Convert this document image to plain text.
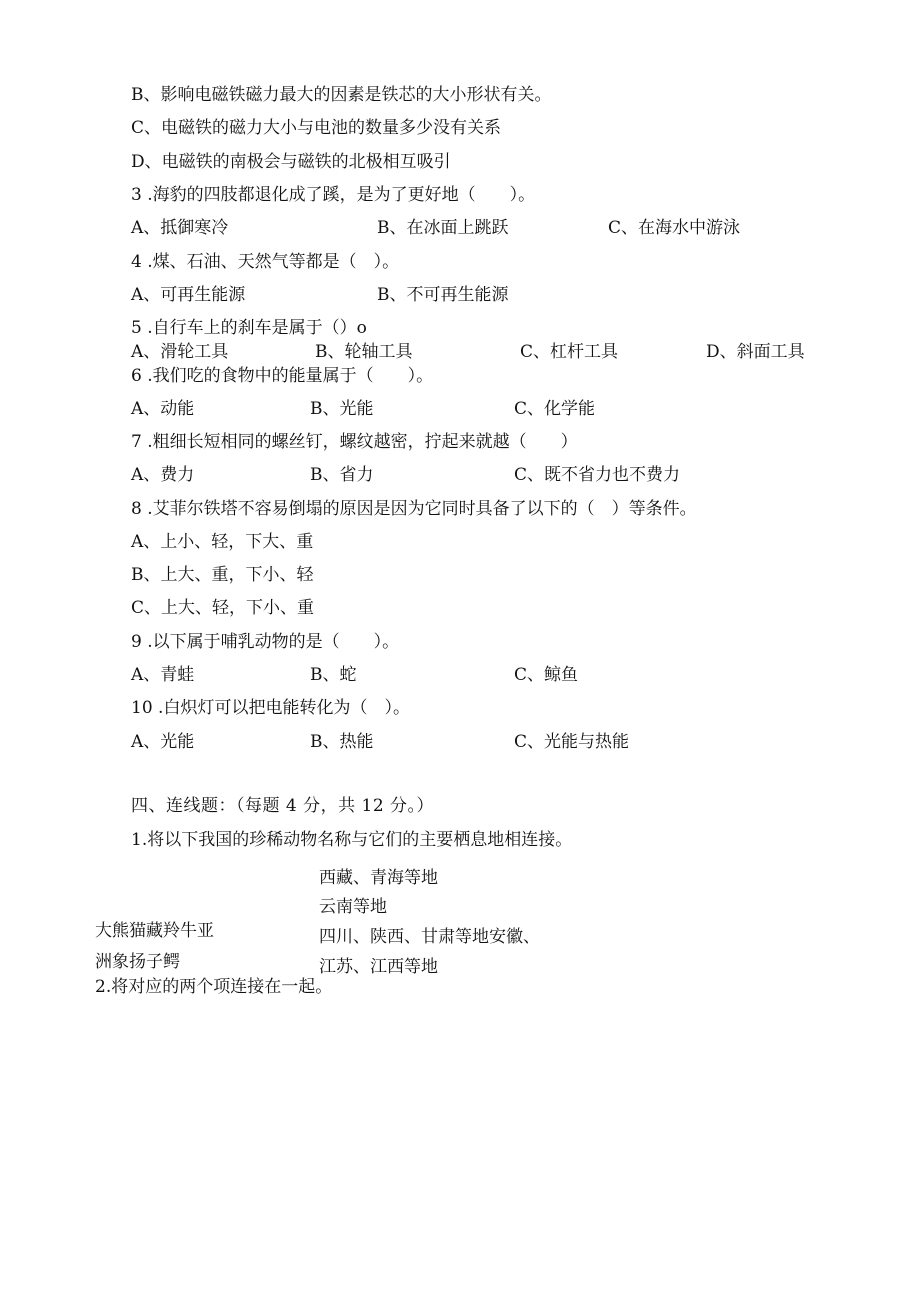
B、影响电磁铁磁力最大的因素是铁芯的大小形状有关。
C、电磁铁的磁力大小与电池的数量多少没有关系
D、电磁铁的南极会与磁铁的北极相互吸引
3 .海豹的四肢都退化成了蹊，是为了更好地（　　）。
A、抵御寒冷	B、在冰面上跳跃	C、在海水中游泳
4 .煤、石油、天然气等都是（　）。
A、可再生能源	B、不可再生能源
5 .自行车上的刹车是属于（）o
A、滑轮工具	B、轮轴工具	C、杠杆工具	D、斜面工具
6 .我们吃的食物中的能量属于（　　）。
A、动能	B、光能	C、化学能
7 .粗细长短相同的螺丝钉，螺纹越密，拧起来就越（　　）
A、费力	B、省力	C、既不省力也不费力
8 .艾菲尔铁塔不容易倒塌的原因是因为它同时具备了以下的（　）等条件。
A、上小、轻，下大、重
B、上大、重，下小、轻
C、上大、轻，下小、重
9 .以下属于哺乳动物的是（　　）。
A、青蛙	B、蛇	C、鲸鱼
10 .白炽灯可以把电能转化为（　）。
A、光能	B、热能	C、光能与热能
四、连线题：（每题 4 分，共 12 分。）
1.将以下我国的珍稀动物名称与它们的主要栖息地相连接。
西藏、青海等地
云南等地
四川、陕西、甘肃等地安徽、
江苏、江西等地
大熊猫藏羚牛亚
洲象扬子鳄
2.将对应的两个项连接在一起。
